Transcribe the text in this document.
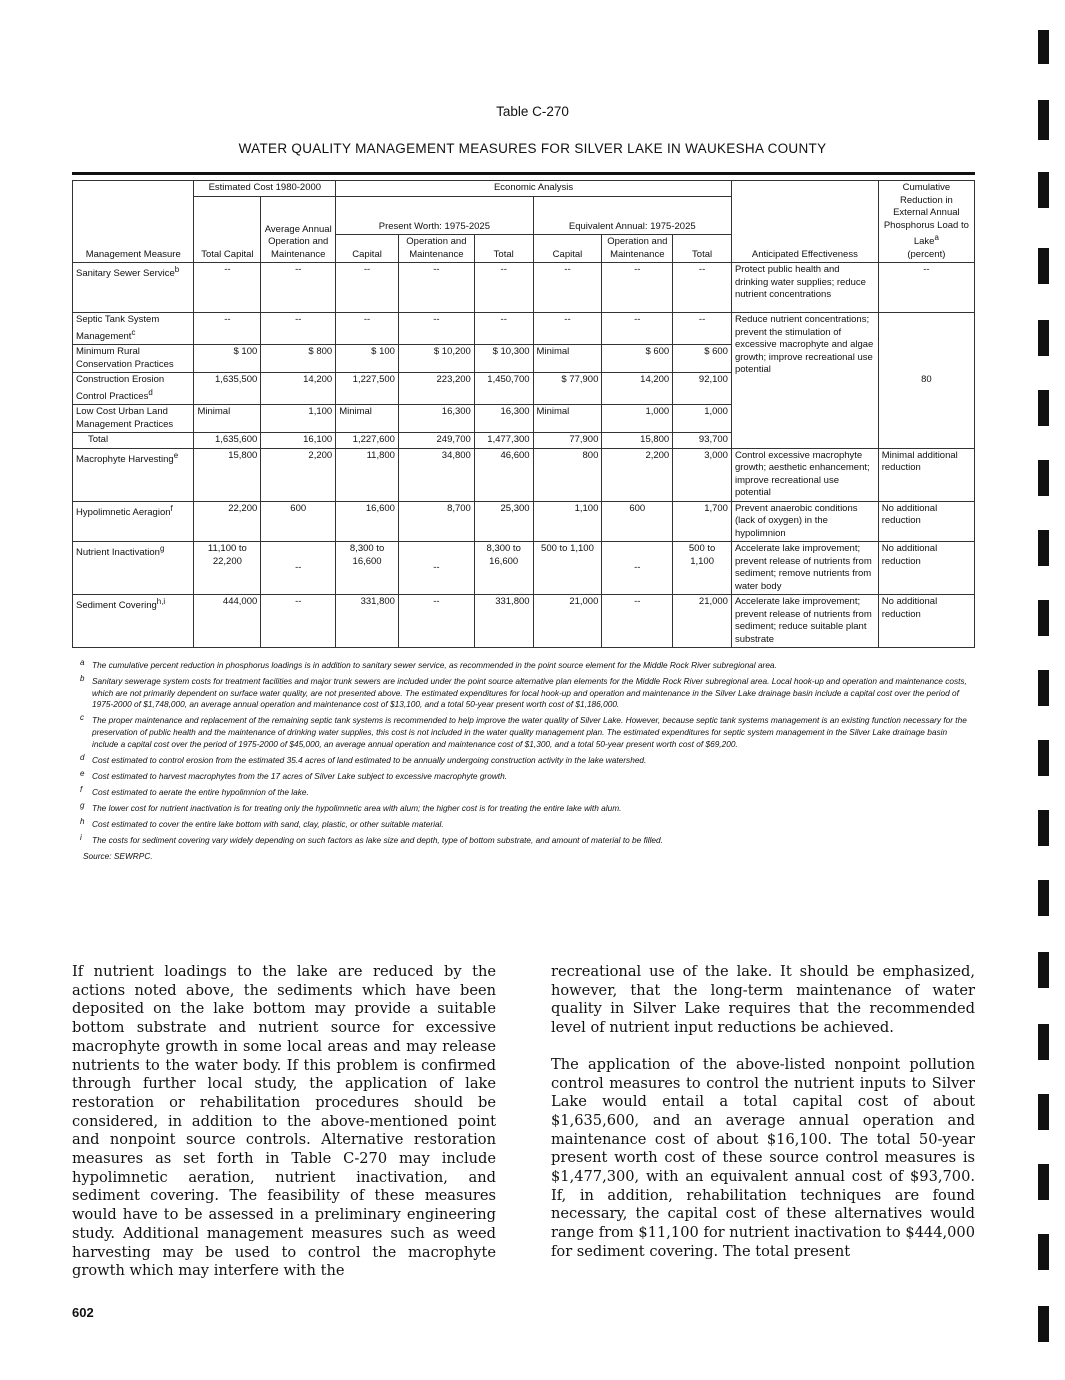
Table C-270
WATER QUALITY MANAGEMENT MEASURES FOR SILVER LAKE IN WAUKESHA COUNTY
Management Measure	Estimated Cost 1980-2000		Economic Analysis						Anticipated Effectiveness	Cumulative Reduction in External Annual Phosphorus Load to Lake$^a$
(percent)

	Total Capital	Average Annual Operation and Maintenance	Present Worth: 1975-2025			Equivalent Annual: 1975-2025				
			Capital	Operation and Maintenance	Total	Capital	Operation and Maintenance	Total		
Sanitary Sewer Service$^b$	--	--	--	--	--	--	--	--	Protect public health and drinking water supplies; reduce nutrient concentrations	--
Septic Tank System Management$^c$	--	--	--	--	--	--	--	--	Reduce nutrient concentrations; prevent the stimulation of excessive macrophyte and algae growth; improve recreational use potential	80
Minimum Rural Conservation Practices	$ 100	$ 800	$ 100	$ 10,200	$ 10,300	Minimal	$ 600	$ 600		
Construction Erosion Control Practices$^d$	1,635,500	14,200	1,227,500	223,200	1,450,700	$ 77,900	14,200	92,100		
Low Cost Urban Land Management Practices	Minimal	1,100	Minimal	16,300	16,300	Minimal	1,000	1,000		

Total	1,635,600	16,100	1,227,600	249,700	1,477,300	77,900	15,800	93,700		
Macrophyte Harvesting$^e$	15,800	2,200	11,800	34,800	46,600	800	2,200	3,000	Control excessive macrophyte growth; aesthetic enhancement; improve recreational use potential	Minimal additional reduction
Hypolimnetic Aeragion$^f$	22,200	600	16,600	8,700	25,300	1,100	600	1,700	Prevent anaerobic conditions (lack of oxygen) in the hypolimnion	No additional reduction
Nutrient Inactivation$^g$	11,100 to 22,200	--	8,300 to 16,600	--	8,300 to 16,600	500 to 1,100	--	500 to 1,100	Accelerate lake improvement; prevent release of nutrients from sediment; remove nutrients from water body	No additional reduction
Sediment Covering$^{h,i}$	444,000	--	331,800	--	331,800	21,000	--	21,000	Accelerate lake improvement; prevent release of nutrients from sediment; reduce suitable plant substrate	No additional reduction
a The cumulative percent reduction in phosphorus loadings is in addition to sanitary sewer service, as recommended in the point source element for the Middle Rock River subregional area.
b Sanitary sewerage system costs for treatment facilities and major trunk sewers are included under the point source alternative plan elements for the Middle Rock River subregional area. Local hook-up and operation and maintenance costs, which are not primarily dependent on surface water quality, are not presented above. The estimated expenditures for local hook-up and operation and maintenance in the Silver Lake drainage basin include a capital cost over the period of 1975-2000 of $1,748,000, an average annual operation and maintenance cost of $13,100, and a total 50-year present worth cost of $1,186,000.
c The proper maintenance and replacement of the remaining septic tank systems is recommended to help improve the water quality of Silver Lake. However, because septic tank systems management is an existing function necessary for the preservation of public health and the maintenance of drinking water supplies, this cost is not included in the water quality management plan. The estimated expenditures for septic system management in the Silver Lake drainage basin include a capital cost over the period of 1975-2000 of $45,000, an average annual operation and maintenance cost of $1,300, and a total 50-year present worth cost of $69,200.
d Cost estimated to control erosion from the estimated 35.4 acres of land estimated to be annually undergoing construction activity in the lake watershed.
e Cost estimated to harvest macrophytes from the 17 acres of Silver Lake subject to excessive macrophyte growth.
f Cost estimated to aerate the entire hypolimnion of the lake.
g The lower cost for nutrient inactivation is for treating only the hypolimnetic area with alum; the higher cost is for treating the entire lake with alum.
h Cost estimated to cover the entire lake bottom with sand, clay, plastic, or other suitable material.
i The costs for sediment covering vary widely depending on such factors as lake size and depth, type of bottom substrate, and amount of material to be filled.
Source: SEWRPC.

If nutrient loadings to the lake are reduced by the actions noted above, the sediments which have been deposited on the lake bottom may provide a suitable bottom substrate and nutrient source for excessive macrophyte growth in some local areas and may release nutrients to the water body. If this problem is confirmed through further local study, the application of lake restoration or rehabilitation procedures should be considered, in addition to the above-mentioned point and nonpoint source controls. Alternative restoration measures as set forth in Table C-270 may include hypolimnetic aeration, nutrient inactivation, and sediment covering. The feasibility of these measures would have to be assessed in a preliminary engineering study. Additional management measures such as weed harvesting may be used to control the macrophyte growth which may interfere with the

recreational use of the lake. It should be emphasized, however, that the long-term maintenance of water quality in Silver Lake requires that the recommended level of nutrient input reductions be achieved.

The application of the above-listed nonpoint pollution control measures to control the nutrient inputs to Silver Lake would entail a total capital cost of about $1,635,600, and an average annual operation and maintenance cost of about $16,100. The total 50-year present worth cost of these source control measures is $1,477,300, with an equivalent annual cost of $93,700. If, in addition, rehabilitation techniques are found necessary, the capital cost of these alternatives would range from $11,100 for nutrient inactivation to $444,000 for sediment covering. The total present

602
